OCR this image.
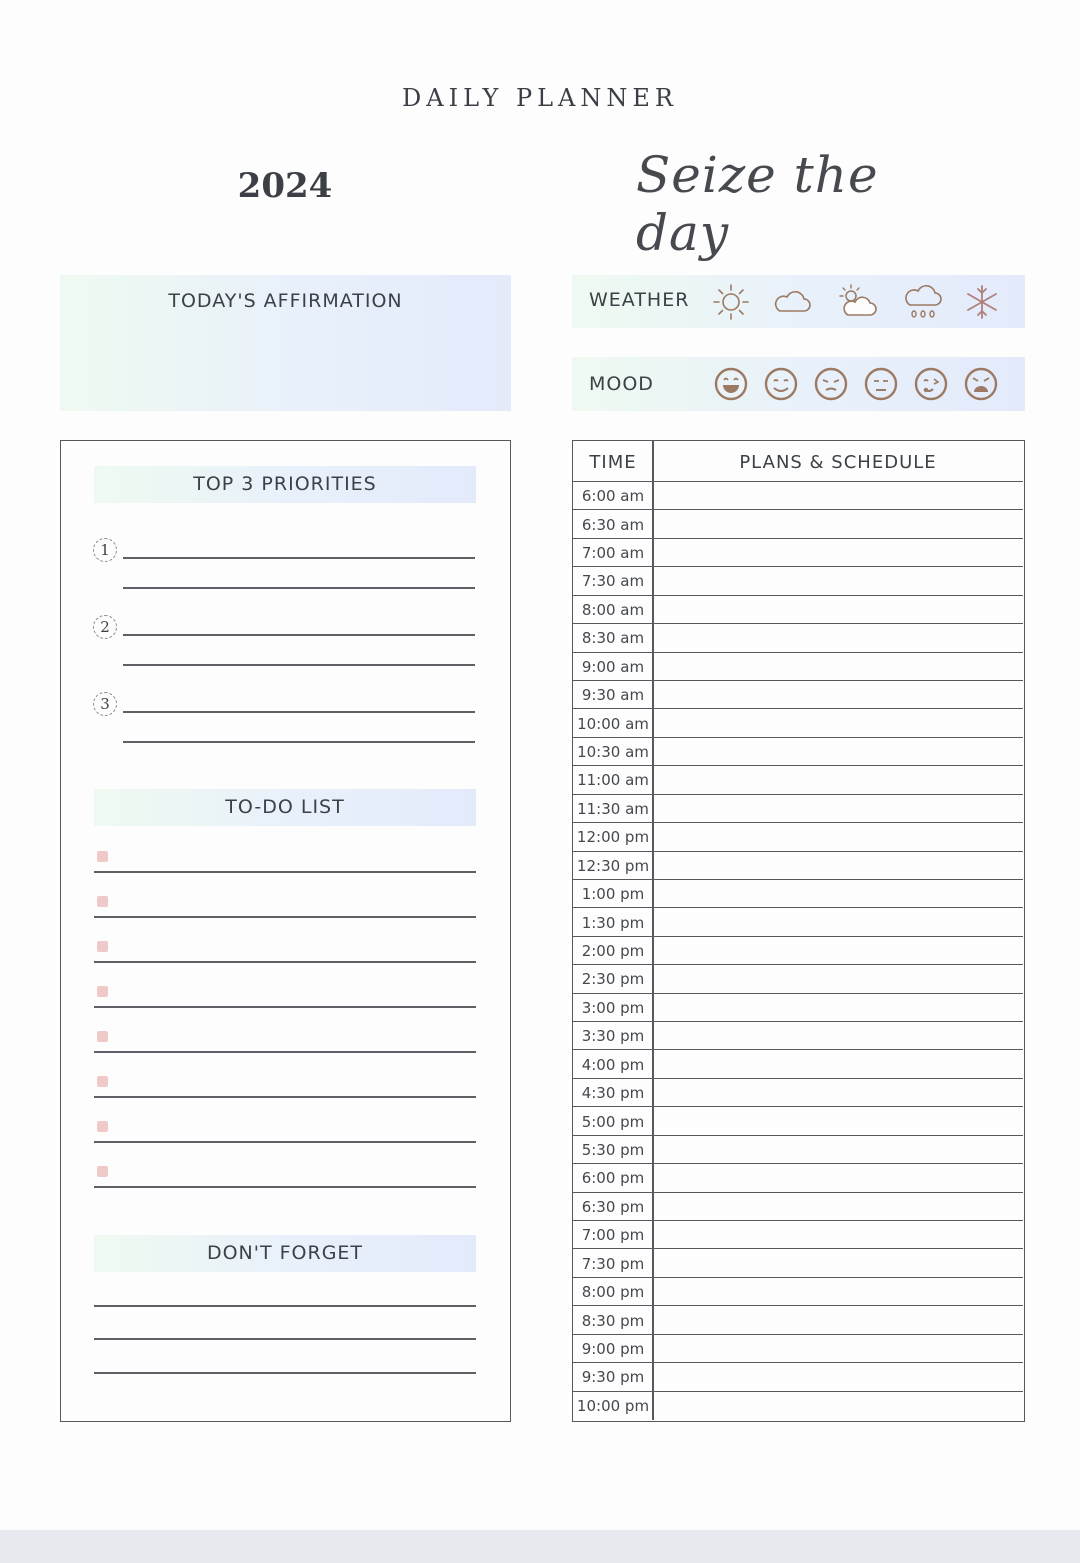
DAILY PLANNER
2024	Seize the day
TODAY'S AFFIRMATION	WEATHER
MOOD
TOP 3 PRIORITIES
1
2
3
TO-DO LIST
DON'T FORGET
TIME	PLANS & SCHEDULE
6:00 am
6:30 am
7:00 am
7:30 am
8:00 am
8:30 am
9:00 am
9:30 am
10:00 am
10:30 am
11:00 am
11:30 am
12:00 pm
12:30 pm
1:00 pm
1:30 pm
2:00 pm
2:30 pm
3:00 pm
3:30 pm
4:00 pm
4:30 pm
5:00 pm
5:30 pm
6:00 pm
6:30 pm
7:00 pm
7:30 pm
8:00 pm
8:30 pm
9:00 pm
9:30 pm
10:00 pm
